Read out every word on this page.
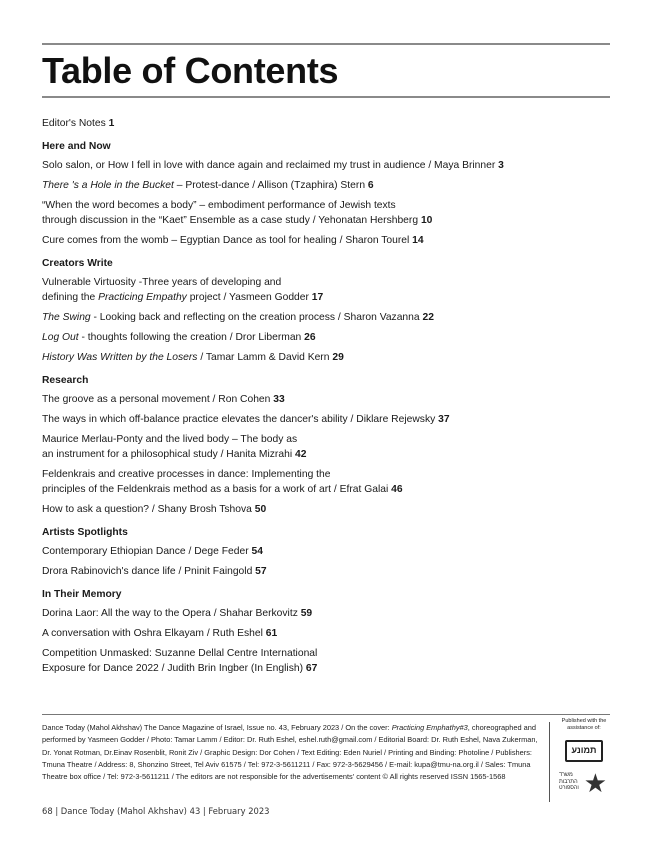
Table of Contents
Editor's Notes 1
Here and Now
Solo salon, or How I fell in love with dance again and reclaimed my trust in audience / Maya Brinner 3
There 's a Hole in the Bucket – Protest-dance / Allison (Tzaphira) Stern 6
“When the word becomes a body” – embodiment performance of Jewish texts
through discussion in the “Kaet” Ensemble as a case study / Yehonatan Hershberg 10
Cure comes from the womb – Egyptian Dance as tool for healing / Sharon Tourel 14
Creators Write
Vulnerable Virtuosity -Three years of developing and
defining the Practicing Empathy project / Yasmeen Godder 17
The Swing - Looking back and reflecting on the creation process / Sharon Vazanna 22
Log Out - thoughts following the creation / Dror Liberman 26
History Was Written by the Losers / Tamar Lamm & David Kern 29
Research
The groove as a personal movement / Ron Cohen 33
The ways in which off-balance practice elevates the dancer's ability / Diklare Rejewsky 37
Maurice Merlau-Ponty and the lived body – The body as
an instrument for a philosophical study / Hanita Mizrahi 42
Feldenkrais and creative processes in dance: Implementing the
principles of the Feldenkrais method as a basis for a work of art / Efrat Galai 46
How to ask a question? / Shany Brosh Tshova 50
Artists Spotlights
Contemporary Ethiopian Dance / Dege Feder 54
Drora Rabinovich's dance life / Pninit Faingold 57
In Their Memory
Dorina Laor: All the way to the Opera / Shahar Berkovitz 59
A conversation with Oshra Elkayam / Ruth Eshel 61
Competition Unmasked: Suzanne Dellal Centre International
Exposure for Dance 2022 / Judith Brin Ingber (In English) 67
Dance Today (Mahol Akhshav) The Dance Magazine of Israel, Issue no. 43, February 2023 / On the cover: Practicing Emphathy#3, choreographed and performed by Yasmeen Godder / Photo: Tamar Lamm / Editor: Dr. Ruth Eshel, eshel.ruth@gmail.com / Editorial Board: Dr. Ruth Eshel, Nava Zukerman, Dr. Yonat Rotman, Dr.Einav Rosenblit, Ronit Ziv / Graphic Design: Dor Cohen / Text Editing: Eden Nuriel / Printing and Binding: Photoline / Publishers: Tmuna Theatre / Address: 8, Shonzino Street, Tel Aviv 61575 / Tel: 972-3-5611211 / Fax: 972-3-5629456 / E-mail: kupa@tmu-na.org.il / Sales: Tmuna Theatre box office / Tel: 972-3-5611211 / The editors are not responsible for the advertisements' content © All rights reserved ISSN 1565-1568
Published with the assistance of:
תמונע
★
משרד התרבות והספורט
68 | Dance Today (Mahol Akhshav) 43 | February 2023
